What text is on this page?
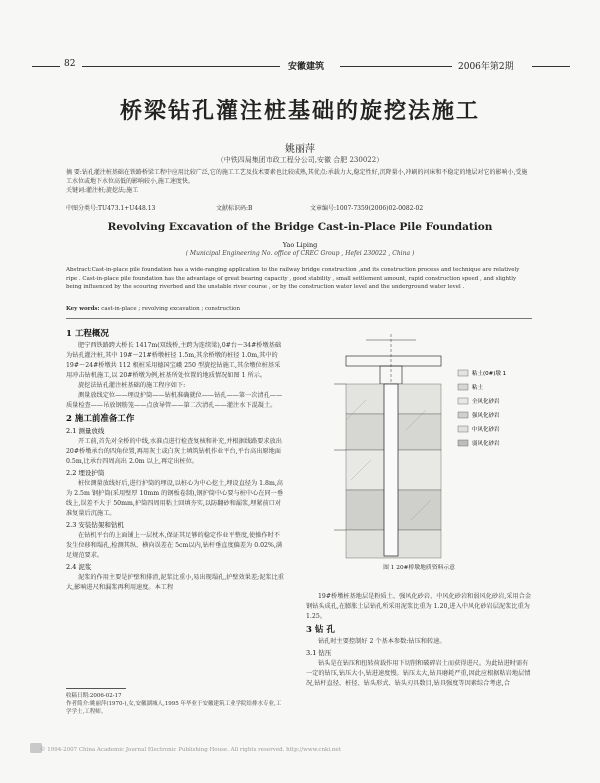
82	安徽建筑	2006年第2期
桥梁钻孔灌注桩基础的旋挖法施工
姚丽萍
（中铁四局集团市政工程分公司,安徽 合肥 230022）
摘 要:钻孔灌注桩基础在铁路桥梁工程中应用比较广泛,它的施工工艺及技术要素也比较成熟,其优点:承载力大,稳定性好,沉降量小,冲刷的河床和不稳定的地层对它的影响小,受施工水位或地下水位高低的影响较小,施工速度快。
关键词:灌注桩;旋挖法;施工
中图分类号:TU473.1+U448.13	文献标识码:B	文章编号:1007-7359(2006)02-0082-02
Revolving Excavation of the Bridge Cast-in-Place Pile Foundation
Yao Liping
( Municipal Engineering No. office of CREC Group , Hefei 230022 , China )
Abstract:Cast-in-place pile foundation has a wide-ranging application to the railway bridge construction ,and its construction process and technique are relatively ripe . Cast-in-place pile foundation has the advantage of great bearing capacity , good stability , small settlement amount, rapid construction speed , and slightly being influenced by the scouring riverbed and the unstable river course , or by the construction water level and the underground water level .
Key words: cast-in-place ; revolving excavation ; construction
1 工程概况

肥宁西铁路跨大桥长 1417m(双线桥,主跨为连续梁),0#台～34#桥墩基础为钻孔灌注桩,其中 19#～21#桥墩桩径 1.5m,其余桥墩的桩径 1.0m,其中的 19#～24#桥墩共 112 根桩采用德国宝峨 250 型旋挖钻施工,其余墩位桩基采用冲击钻机施工,以 20#桥墩为例,桩基所处位置的地质情况如图 1 所示。

旋挖法钻孔灌注桩基础的施工程序如下:

测量放线定位——埋设护筒——钻机准确就位——钻孔——第一次清孔——质量检查——吊放钢筋笼——点放导管——第二次清孔——灌注水下混凝土。

2 施工前准备工作
2.1 测量放线

开工前,首先对全桥的中线,水准点进行检查复核和补充,并根据线路要求放出 20#桥墩承台的四角位置,再用灰土或白灰土填筑钻机作业平台,平台高出原地面 0.5m,比承台四周高出 2.0m 以上,再定出桩位。

2.2 埋设护筒

桩位测量放线好后,进行护筒的埋设,以桩心为中心挖土,埋设直径为 1.8m,高为 2.5m 钢护筒(采用壁厚 10mm 的钢板卷制),钢护筒中心要与桩中心在同一垂线上,误差不大于 50mm,护筒四周用粘土回填夯实,以防翻砂和漏浆,埋紧前口对准复量后沉施工。

2.3 安装钻架和钻机

在钻机平台的上面铺上一层枕木,保证其足够的稳定作业平整度,使操作时不发生位移和塌孔,检测其纵、横向误差在 5cm以内,钻杆垂直度偏差为 0.02%,满足规范要求。

2.4 泥浆

泥浆的作用主要是护壁和排渣,泥浆比重小,易出现塌孔,护壁效果差;泥浆比重大,影响进尺和漏浆再利用速度。本工程

粘土(0#)墩 1
粘土
全风化砂岩
强风化砂岩
中风化砂岩
弱风化砂岩
图 1 20#桥墩地质资料示意

19#桥墩桩基地层是粉质土、强风化砂岩、中风化砂岩和弱风化砂岩,采用合金钢钻头成孔,在膨胀土层钻孔所采用泥浆比重为 1.20,进入中风化砂岩层泥浆比重为 1.25。

3 钻 孔

钻孔时主要控制好 2 个基本参数:钻压和转速。

3.1 钻压

钻头是在钻压和扭转荷载作用下切削和破碎岩土而获得进尺。为此钻进时需有一定的钻压,钻压大小,钻进速度慢。钻压太大,钻具磨耗严重,因此应根据粘岩地层情况,钻杆直径、桩径、钻头形式、钻头刃具数目,钻具强度等因素综合考虑,合

收稿日期:2006-02-17
作者简介:姚丽萍(1970-),女,安徽湖城人,1995 年毕业于安徽建筑工业学院给排水专业,工学学士,工程师。
© 1994-2007 China Academic Journal Electronic Publishing House. All rights reserved. http://www.cnki.net
